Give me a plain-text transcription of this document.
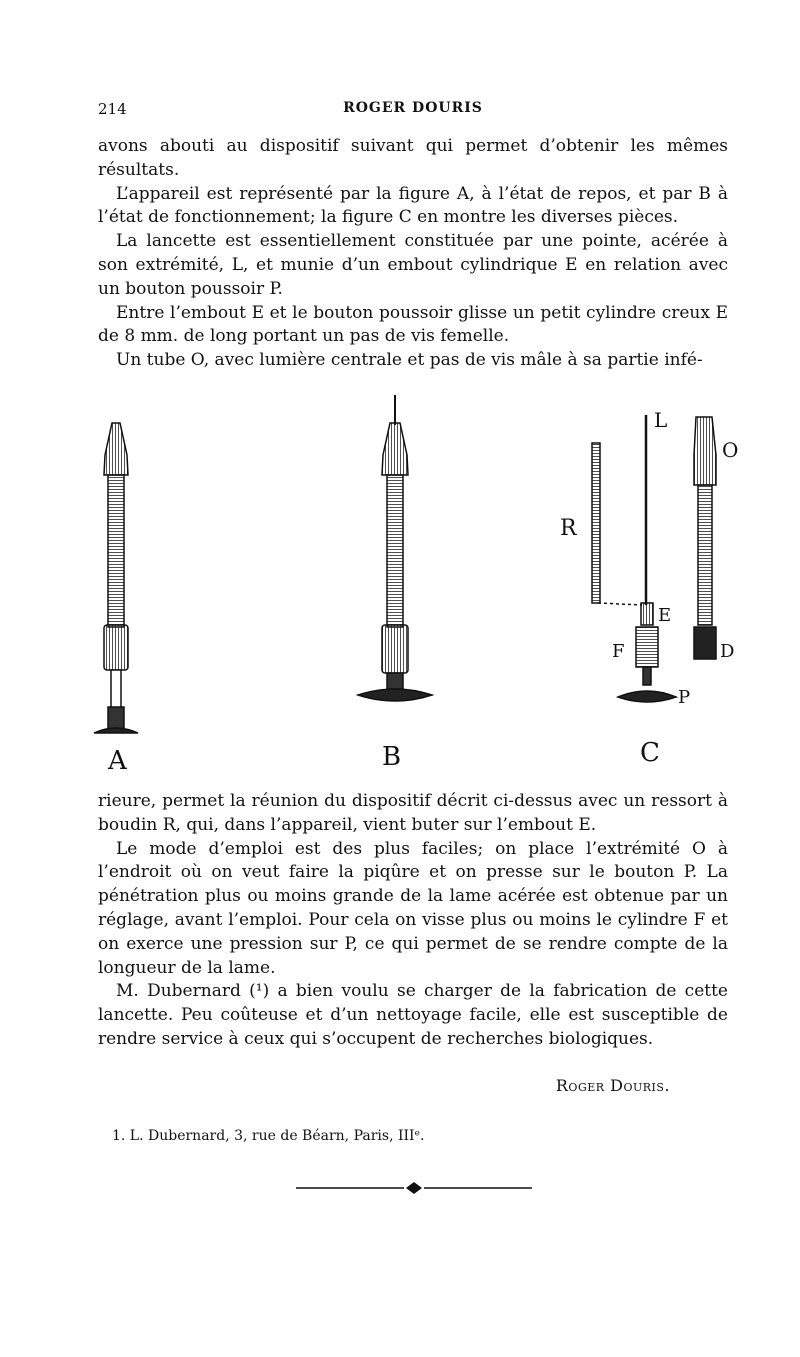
214	ROGER DOURIS

avons abouti au dispositif suivant qui permet d’obtenir les mêmes résultats.

L’appareil est représenté par la figure A, à l’état de repos, et par B à l’état de fonctionnement; la figure C en montre les diverses pièces.

La lancette est essentiellement constituée par une pointe, acérée à son extrémité, L, et munie d’un embout cylindrique E en relation avec un bouton poussoir P.

Entre l’embout E et le bouton poussoir glisse un petit cylindre creux E de 8 mm. de long portant un pas de vis femelle.

Un tube O, avec lumière centrale et pas de vis mâle à sa partie infé-

L
O
R
E
F	D
P
A	B	C

rieure, permet la réunion du dispositif décrit ci-dessus avec un ressort à boudin R, qui, dans l’appareil, vient buter sur l’embout E.

Le mode d’emploi est des plus faciles; on place l’extrémité O à l’endroit où on veut faire la piqûre et on presse sur le bouton P. La pénétration plus ou moins grande de la lame acérée est obtenue par un réglage, avant l’emploi. Pour cela on visse plus ou moins le cylindre F et on exerce une pression sur P, ce qui permet de se rendre compte de la longueur de la lame.

M. Dubernard (¹) a bien voulu se charger de la fabrication de cette lancette. Peu coûteuse et d’un nettoyage facile, elle est susceptible de rendre service à ceux qui s’occupent de recherches biologiques.

Roger Douris.
1. L. Dubernard, 3, rue de Béarn, Paris, IIIᵉ.
